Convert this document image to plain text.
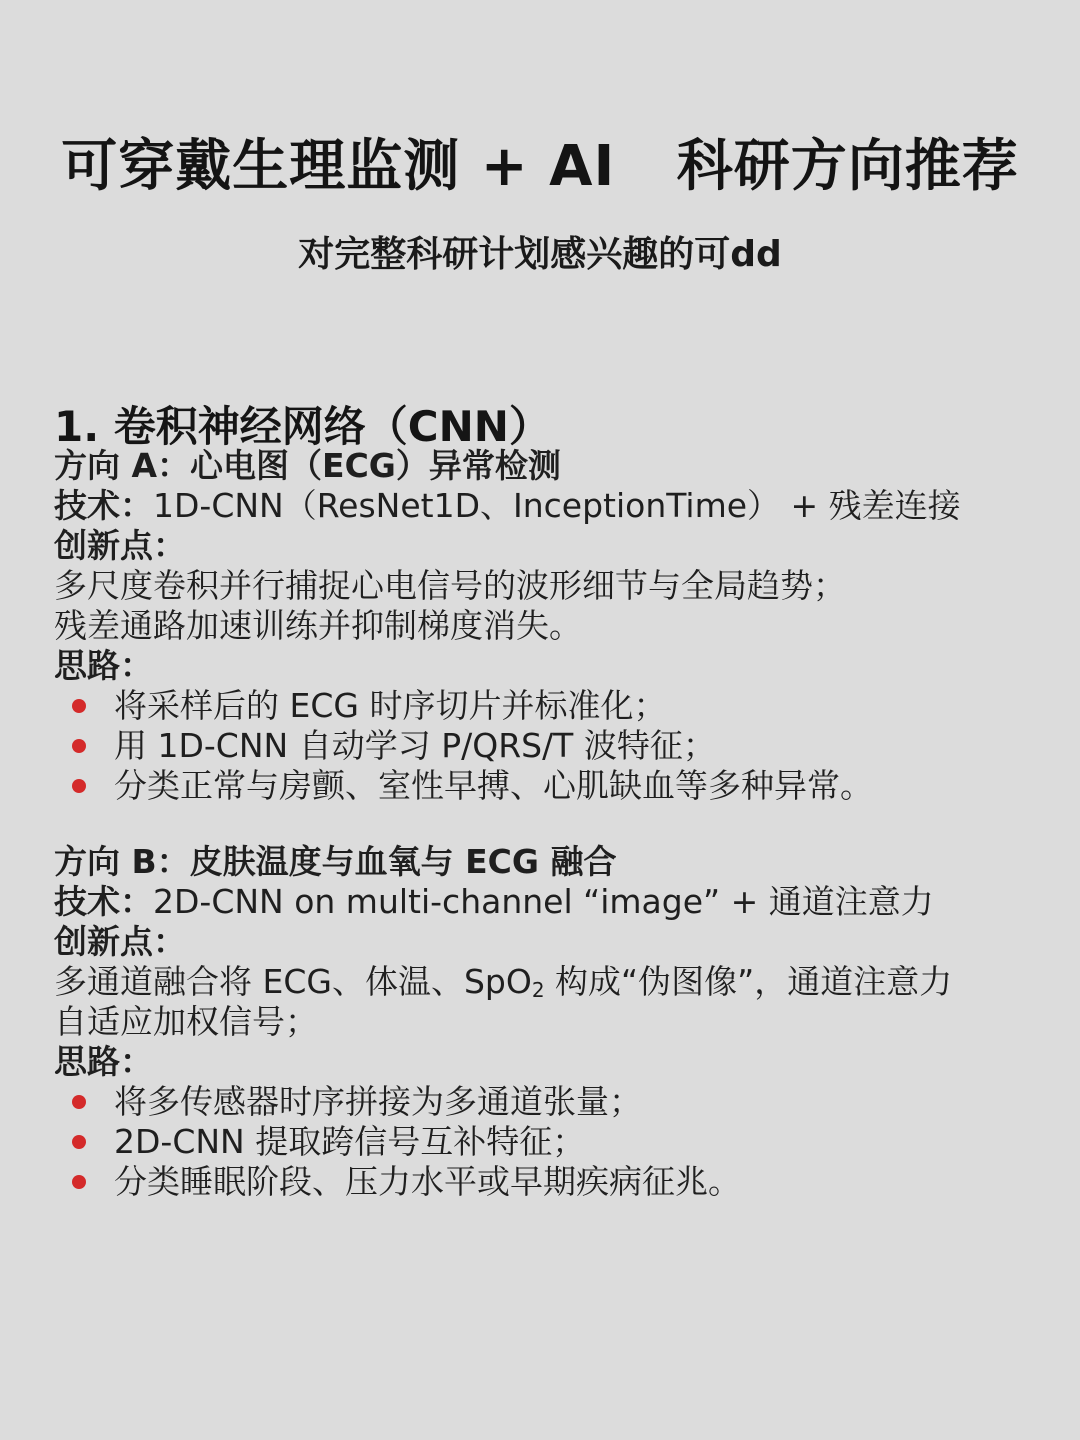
可穿戴生理监测 + AI   科研方向推荐
对完整科研计划感兴趣的可dd
1. 卷积神经网络（CNN）
方向 A：心电图（ECG）异常检测
技术：1D-CNN（ResNet1D、InceptionTime） + 残差连接
创新点：
多尺度卷积并行捕捉心电信号的波形细节与全局趋势；
残差通路加速训练并抑制梯度消失。
思路：
将采样后的 ECG 时序切片并标准化；
用 1D-CNN 自动学习 P/QRS/T 波特征；
分类正常与房颤、室性早搏、心肌缺血等多种异常。
方向 B：皮肤温度与血氧与 ECG 融合
技术：2D-CNN on multi-channel “image” + 通道注意力
创新点：
多通道融合将 ECG、体温、SpO$_2$ 构成“伪图像”，通道注意力
自适应加权信号；
思路：
将多传感器时序拼接为多通道张量；
2D-CNN 提取跨信号互补特征；
分类睡眠阶段、压力水平或早期疾病征兆。
